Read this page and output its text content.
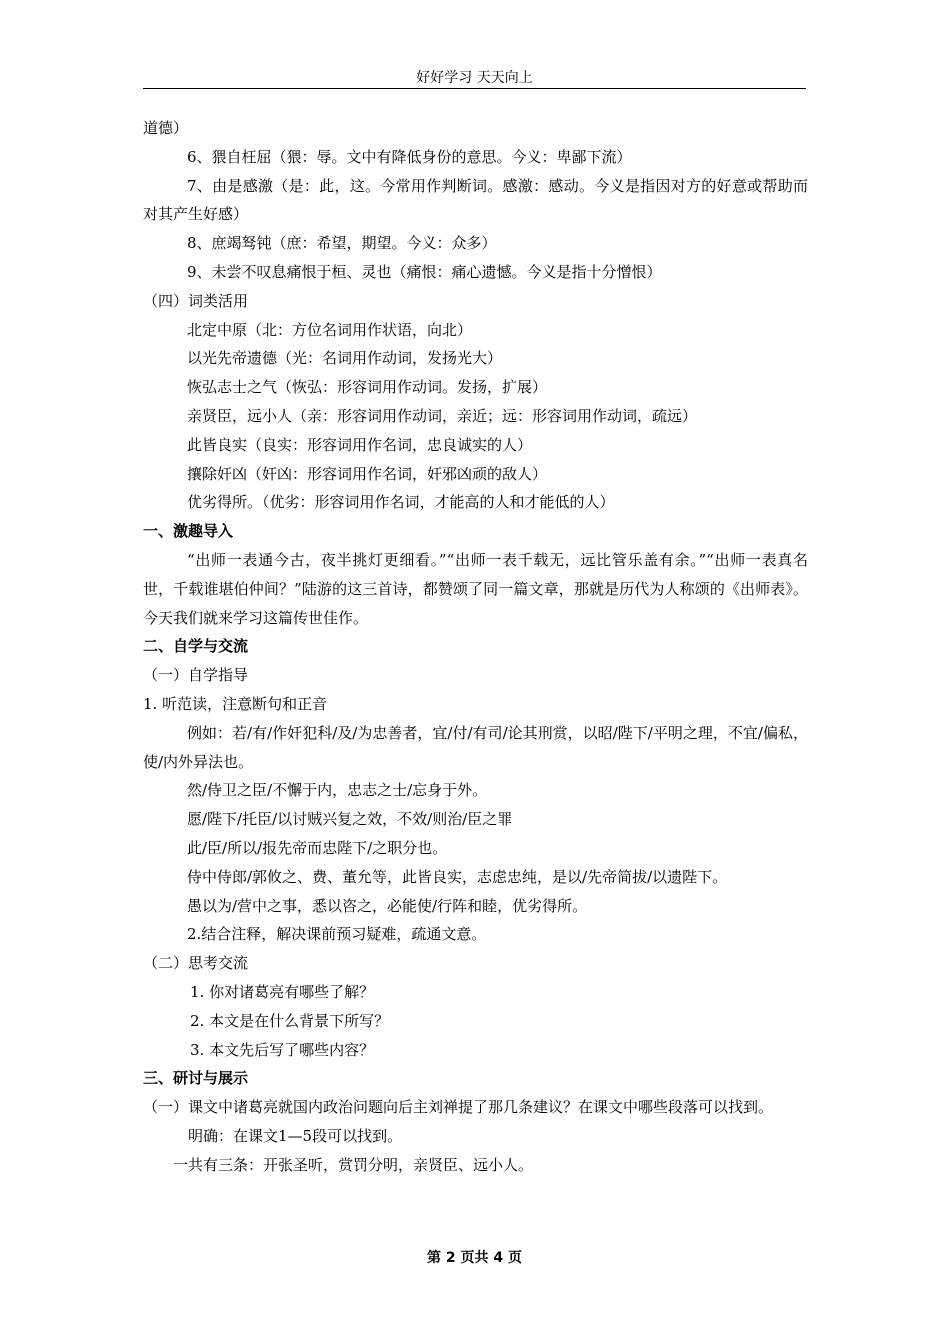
好好学习 天天向上

道德）

6、猥自枉屈（猥：辱。文中有降低身份的意思。今义：卑鄙下流）

7、由是感激（是：此，这。今常用作判断词。感激：感动。今义是指因对方的好意或帮助而对其产生好感）

8、庶竭驽钝（庶：希望，期望。今义：众多）

9、未尝不叹息痛恨于桓、灵也（痛恨：痛心遗憾。今义是指十分憎恨）

（四）词类活用

北定中原（北：方位名词用作状语，向北）

以光先帝遗德（光：名词用作动词，发扬光大）

恢弘志士之气（恢弘：形容词用作动词。发扬，扩展）

亲贤臣，远小人（亲：形容词用作动词，亲近；远：形容词用作动词，疏远）

此皆良实（良实：形容词用作名词，忠良诚实的人）

攘除奸凶（奸凶：形容词用作名词，奸邪凶顽的敌人）

优劣得所。（优劣：形容词用作名词，才能高的人和才能低的人）

一、激趣导入

“出师一表通今古，夜半挑灯更细看。”“出师一表千载无，远比管乐盖有余。”“出师一表真名世，千载谁堪伯仲间？”陆游的这三首诗，都赞颂了同一篇文章，那就是历代为人称颂的《出师表》。今天我们就来学习这篇传世佳作。

二、自学与交流

（一）自学指导

1. 听范读，注意断句和正音

例如：若/有/作奸犯科/及/为忠善者，宜/付/有司/论其刑赏，以昭/陛下/平明之理，不宜/偏私，使/内外异法也。

然/侍卫之臣/不懈于内，忠志之士/忘身于外。

愿/陛下/托臣/以讨贼兴复之效，不效/则治/臣之罪

此/臣/所以/报先帝而忠陛下/之职分也。

侍中侍郎/郭攸之、费、董允等，此皆良实，志虑忠纯，是以/先帝简拔/以遗陛下。

愚以为/营中之事，悉以咨之，必能使/行阵和睦，优劣得所。

2.结合注释，解决课前预习疑难，疏通文意。

（二）思考交流

1. 你对诸葛亮有哪些了解？

2. 本文是在什么背景下所写？

3. 本文先后写了哪些内容？

三、研讨与展示

（一）课文中诸葛亮就国内政治问题向后主刘禅提了那几条建议？在课文中哪些段落可以找到。

明确：在课文1—5段可以找到。

一共有三条：开张圣听，赏罚分明，亲贤臣、远小人。

第 2 页共 4 页
